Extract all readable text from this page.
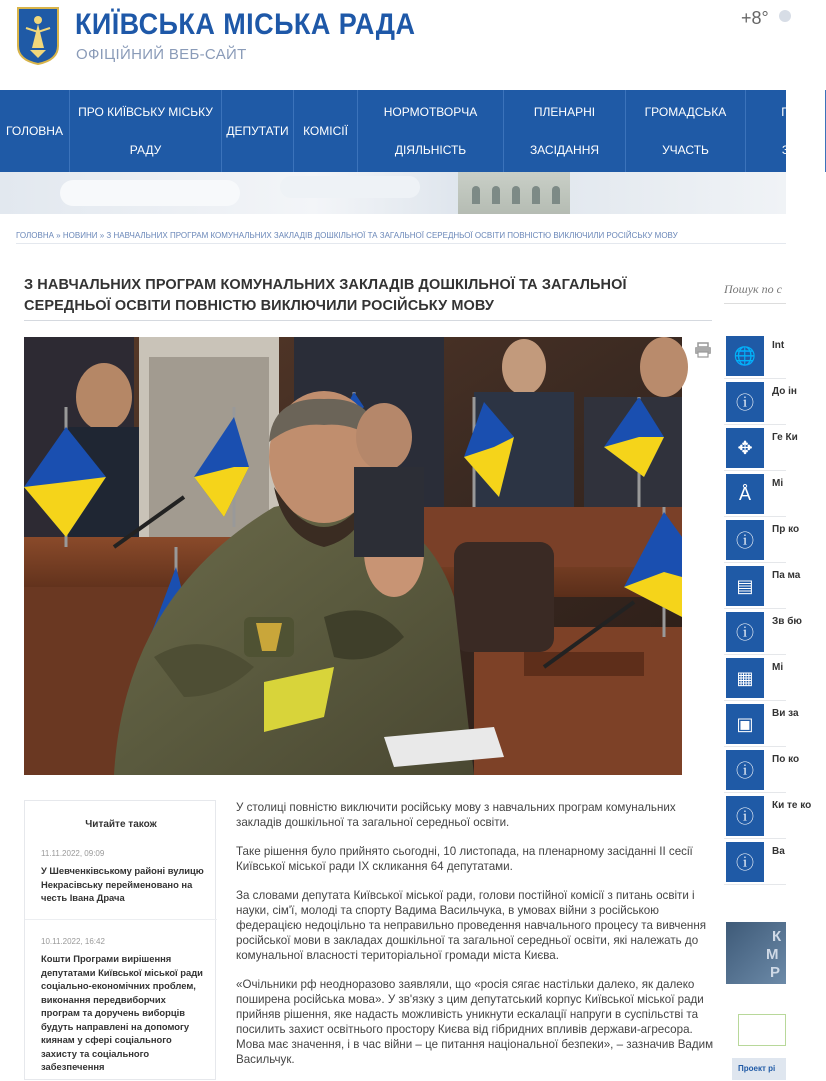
КИЇВСЬКА МІСЬКА РАДА
ОФІЦІЙНИЙ ВЕБ-САЙТ
+8°
ГОЛОВНА
ПРО КИЇВСЬКУ МІСЬКУ
РАДУ
ДЕПУТАТИ КОМІСІЇ
НОРМОТВОРЧА
ДІЯЛЬНІСТЬ
ПЛЕНАРНІ
ЗАСІДАННЯ
ГРОМАДСЬКА
УЧАСТЬ
П
З
ГОЛОВНА » НОВИНИ » З НАВЧАЛЬНИХ ПРОГРАМ КОМУНАЛЬНИХ ЗАКЛАДІВ ДОШКІЛЬНОЇ ТА ЗАГАЛЬНОЇ СЕРЕДНЬОЇ ОСВІТИ ПОВНІСТЮ ВИКЛЮЧИЛИ РОСІЙСЬКУ МОВУ
З НАВЧАЛЬНИХ ПРОГРАМ КОМУНАЛЬНИХ ЗАКЛАДІВ ДОШКІЛЬНОЇ ТА ЗАГАЛЬНОЇ СЕРЕДНЬОЇ ОСВІТИ ПОВНІСТЮ ВИКЛЮЧИЛИ РОСІЙСЬКУ МОВУ
Пошук по с
🌐	Int
ⓘ
До ін
✥	Ге Ки
Å	Мі
ⓘ
Пр ко
▤	Па ма
ⓘ
Зв бю
▦	Мі
▣	Ви за
ⓘ
По ко
ⓘ
Ки те ко
ⓘ
Ва
К
М
Р
Проект рі
Читайте також
11.11.2022, 09:09
У Шевченківському районі вулицю Некрасівську перейменовано на честь Івана Драча
10.11.2022, 16:42
Кошти Програми вирішення депутатами Київської міської ради соціально-економічних проблем, виконання передвиборчих програм та доручень виборців будуть направлені на допомогу киянам у сфері соціального захисту та соціального забезпечення

У столиці повністю виключити російську мову з навчальних програм комунальних закладів дошкільної та загальної середньої освіти.

Таке рішення було прийнято сьогодні, 10 листопада, на пленарному засіданні ІІ сесії Київської міської ради ІХ скликання 64 депутатами.

За словами депутата Київської міської ради, голови постійної комісії з питань освіти і науки, сім'ї, молоді та спорту Вадима Васильчука, в умовах війни з російською федерацією недоцільно та неправильно проведення навчального процесу та вивчення російської мови в закладах дошкільної та загальної середньої освіти, які належать до комунальної власності територіальної громади міста Києва.

«Очільники рф неодноразово заявляли, що «росія сягає настільки далеко, як далеко поширена російська мова». У зв'язку з цим депутатський корпус Київської міської ради прийняв рішення, яке надасть можливість уникнути ескалації напруги в суспільстві та посилить захист освітнього простору Києва від гібридних впливів держави-агресора. Мова має значення, і в час війни – це питання національної безпеки», – зазначив Вадим Васильчук.
